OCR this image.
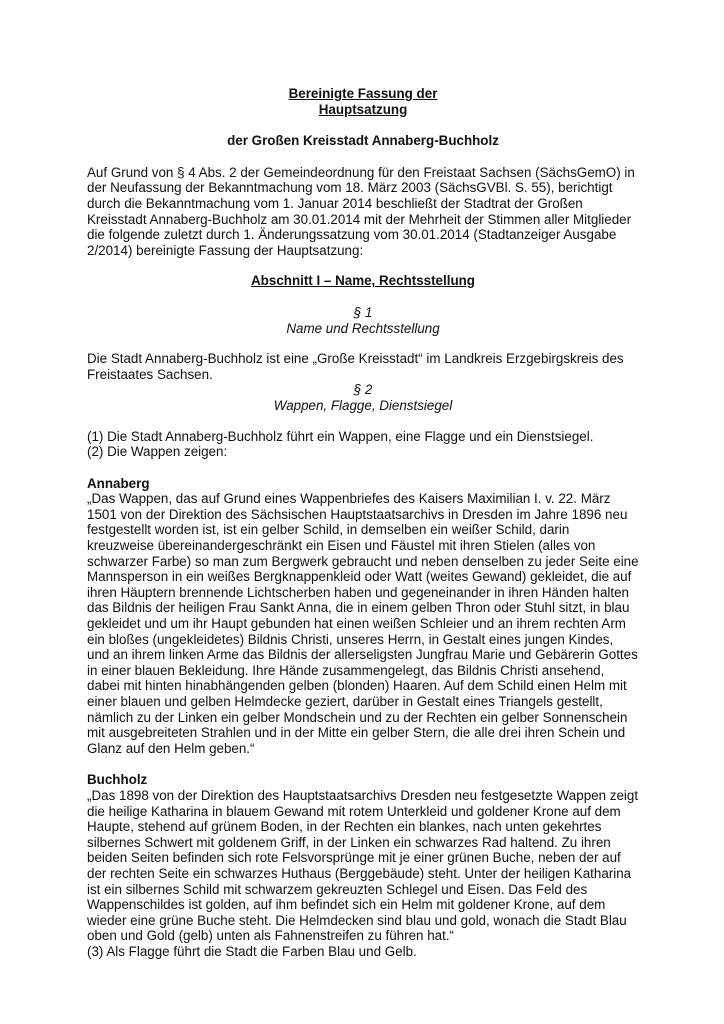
Bereinigte Fassung der

Hauptsatzung

der Großen Kreisstadt Annaberg-Buchholz

Auf Grund von § 4 Abs. 2 der Gemeindeordnung für den Freistaat Sachsen (SächsGemO) in der Neufassung der Bekanntmachung vom 18. März 2003 (SächsGVBl. S. 55), berichtigt durch die Bekanntmachung vom 1. Januar 2014 beschließt der Stadtrat der Großen Kreisstadt Annaberg-Buchholz am 30.01.2014 mit der Mehrheit der Stimmen aller Mitglieder die folgende zuletzt durch 1. Änderungssatzung vom 30.01.2014 (Stadtanzeiger Ausgabe 2/2014) bereinigte Fassung der Hauptsatzung:

Abschnitt I – Name, Rechtsstellung

§ 1

Name und Rechtsstellung

Die Stadt Annaberg-Buchholz ist eine „Große Kreisstadt“ im Landkreis Erzgebirgskreis des Freistaates Sachsen.

§ 2

Wappen, Flagge, Dienstsiegel

(1) Die Stadt Annaberg-Buchholz führt ein Wappen, eine Flagge und ein Dienstsiegel.

(2) Die Wappen zeigen:

Annaberg

„Das Wappen, das auf Grund eines Wappenbriefes des Kaisers Maximilian I. v. 22. März 1501 von der Direktion des Sächsischen Hauptstaatsarchivs in Dresden im Jahre 1896 neu festgestellt worden ist, ist ein gelber Schild, in demselben ein weißer Schild, darin kreuzweise übereinandergeschränkt ein Eisen und Fäustel mit ihren Stielen (alles von schwarzer Farbe) so man zum Bergwerk gebraucht und neben denselben zu jeder Seite eine Mannsperson in ein weißes Bergknappenkleid oder Watt (weites Gewand) gekleidet, die auf ihren Häuptern brennende Lichtscherben haben und gegeneinander in ihren Händen halten das Bildnis der heiligen Frau Sankt Anna, die in einem gelben Thron oder Stuhl sitzt, in blau gekleidet und um ihr Haupt gebunden hat einen weißen Schleier und an ihrem rechten Arm ein bloßes (ungekleidetes) Bildnis Christi, unseres Herrn, in Gestalt eines jungen Kindes, und an ihrem linken Arme das Bildnis der allerseligsten Jungfrau Marie und Gebärerin Gottes in einer blauen Bekleidung. Ihre Hände zusammengelegt, das Bildnis Christi ansehend, dabei mit hinten hinabhängenden gelben (blonden) Haaren. Auf dem Schild einen Helm mit einer blauen und gelben Helmdecke geziert, darüber in Gestalt eines Triangels gestellt, nämlich zu der Linken ein gelber Mondschein und zu der Rechten ein gelber Sonnenschein mit ausgebreiteten Strahlen und in der Mitte ein gelber Stern, die alle drei ihren Schein und Glanz auf den Helm geben.“

Buchholz

„Das 1898 von der Direktion des Hauptstaatsarchivs Dresden neu festgesetzte Wappen zeigt die heilige Katharina in blauem Gewand mit rotem Unterkleid und goldener Krone auf dem Haupte, stehend auf grünem Boden, in der Rechten ein blankes, nach unten gekehrtes silbernes Schwert mit goldenem Griff, in der Linken ein schwarzes Rad haltend. Zu ihren beiden Seiten befinden sich rote Felsvorsprünge mit je einer grünen Buche, neben der auf der rechten Seite ein schwarzes Huthaus (Berggebäude) steht. Unter der heiligen Katharina ist ein silbernes Schild mit schwarzem gekreuzten Schlegel und Eisen. Das Feld des Wappenschildes ist golden, auf ihm befindet sich ein Helm mit goldener Krone, auf dem wieder eine grüne Buche steht. Die Helmdecken sind blau und gold, wonach die Stadt Blau oben und Gold (gelb) unten als Fahnenstreifen zu führen hat.“

(3) Als Flagge führt die Stadt die Farben Blau und Gelb.
